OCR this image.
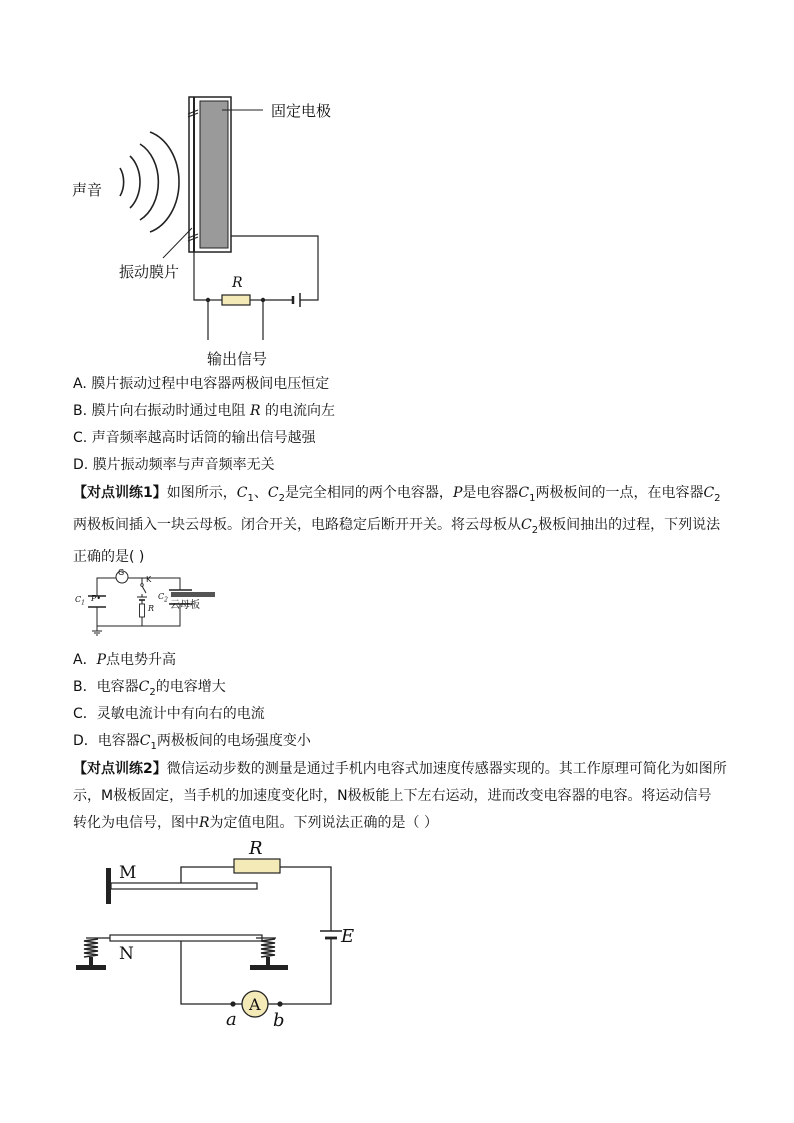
固定电极
声音
振动膜片
R
输出信号
A. 膜片振动过程中电容器两极间电压恒定
B. 膜片向右振动时通过电阻 R 的电流向左
C. 声音频率越高时话筒的输出信号越强
D. 膜片振动频率与声音频率无关
【对点训练1】如图所示，$C_1$、$C_2$是完全相同的两个电容器，P是电容器$C_1$两极板间的一点，在电容器$C_2$
两极板间插入一块云母板。闭合开关，电路稳定后断开开关。将云母板从$C_2$极板间抽出的过程，下列说法
正确的是( )
G
K
$C_1$
P•
R
$C_2$ 云母板
A．P点电势升高
B．电容器$C_2$的电容增大
C．灵敏电流计中有向右的电流
D．电容器$C_1$两极板间的电场强度变小
【对点训练2】微信运动步数的测量是通过手机内电容式加速度传感器实现的。其工作原理可简化为如图所
示，M极板固定，当手机的加速度变化时，N极板能上下左右运动，进而改变电容器的电容。将运动信号
转化为电信号，图中R为定值电阻。下列说法正确的是（ ）
M
N
R
E
A
a b
